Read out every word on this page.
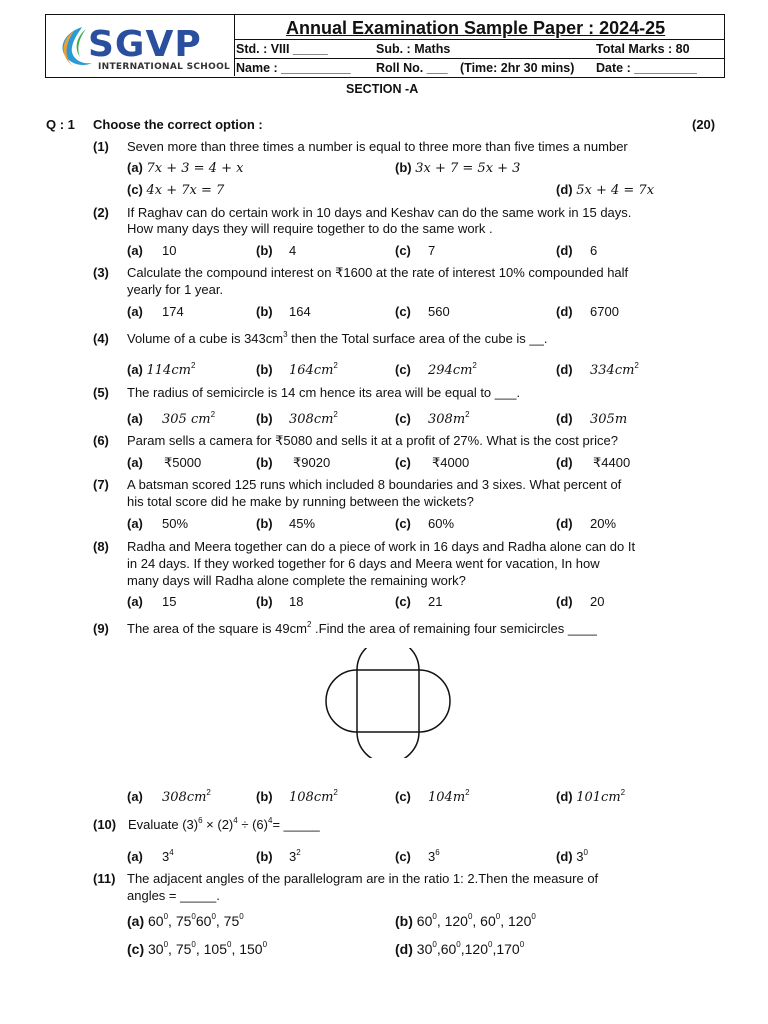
SGVP
INTERNATIONAL SCHOOL
Annual Examination Sample Paper : 2024-25
Std. : VIII _____	Sub. : Maths	Total Marks : 80
Name : __________ Roll No. ___ (Time: 2hr 30 mins) Date : _________
SECTION -A
Q : 1 Choose the correct option :	(20)
(1) Seven more than three times a number is equal to three more than five times a number
(a) 7x + 3 = 4 + x	(b) 3x + 7 = 5x + 3
(c) 4x + 7x = 7	(d) 5x + 4 = 7x
(2) If Raghav can do certain work in 10 days and Keshav can do the same work in 15 days.
How many days they will require together to do the same work .
(a) 10	(b) 4	(c) 7	(d) 6
(3) Calculate the compound interest on ₹1600 at the rate of interest 10% compounded half
yearly for 1 year.
(a) 174	(b) 164	(c) 560	(d) 6700
(4) Volume of a cube is $343cm^3$ then the Total surface area of the cube is __.
(a) $114cm^2$	(b) $164cm^2$	(c) $294cm^2$	(d) $334cm^2$
(5) The radius of semicircle is 14 cm hence its area will be equal to ___.
(a) 305 $cm^2$	(b) $308cm^2$	(c) $308m^2$	(d) 305m
(6) Param sells a camera for ₹5080 and sells it at a profit of 27%. What is the cost price?
(a) ₹5000	(b) ₹9020	(c) ₹4000	(d) ₹4400
(7) A batsman scored 125 runs which included 8 boundaries and 3 sixes. What percent of
his total score did he make by running between the wickets?
(a) 50%	(b) 45%	(c) 60%	(d) 20%
(8) Radha and Meera together can do a piece of work in 16 days and Radha alone can do It
in 24 days. If they worked together for 6 days and Meera went for vacation, In how
many days will Radha alone complete the remaining work?
(a) 15	(b) 18	(c) 21	(d) 20
(9) The area of the square is $49cm^2$ .Find the area of remaining four semicircles ____
(a) $308cm^2$	(b) $108cm^2$	(c) $104m^2$	(d) $101cm^2$
(10) Evaluate $(3)^6 \times (2)^4 \div (6)^4=$ _____
(a) $3^4$	(b) $3^2$	(c) $3^6$	(d) $3^0$
(11) The adjacent angles of the parallelogram are in the ratio 1: 2.Then the measure of
angles = _____.
(a) $60^0$, $75^060^0$, $75^0$	(b) $60^0$, $120^0$, $60^0$, $120^0$
(c) $30^0$, $75^0$, $105^0$, $150^0$	(d) $30^0,60^0,120^0,170^0$
